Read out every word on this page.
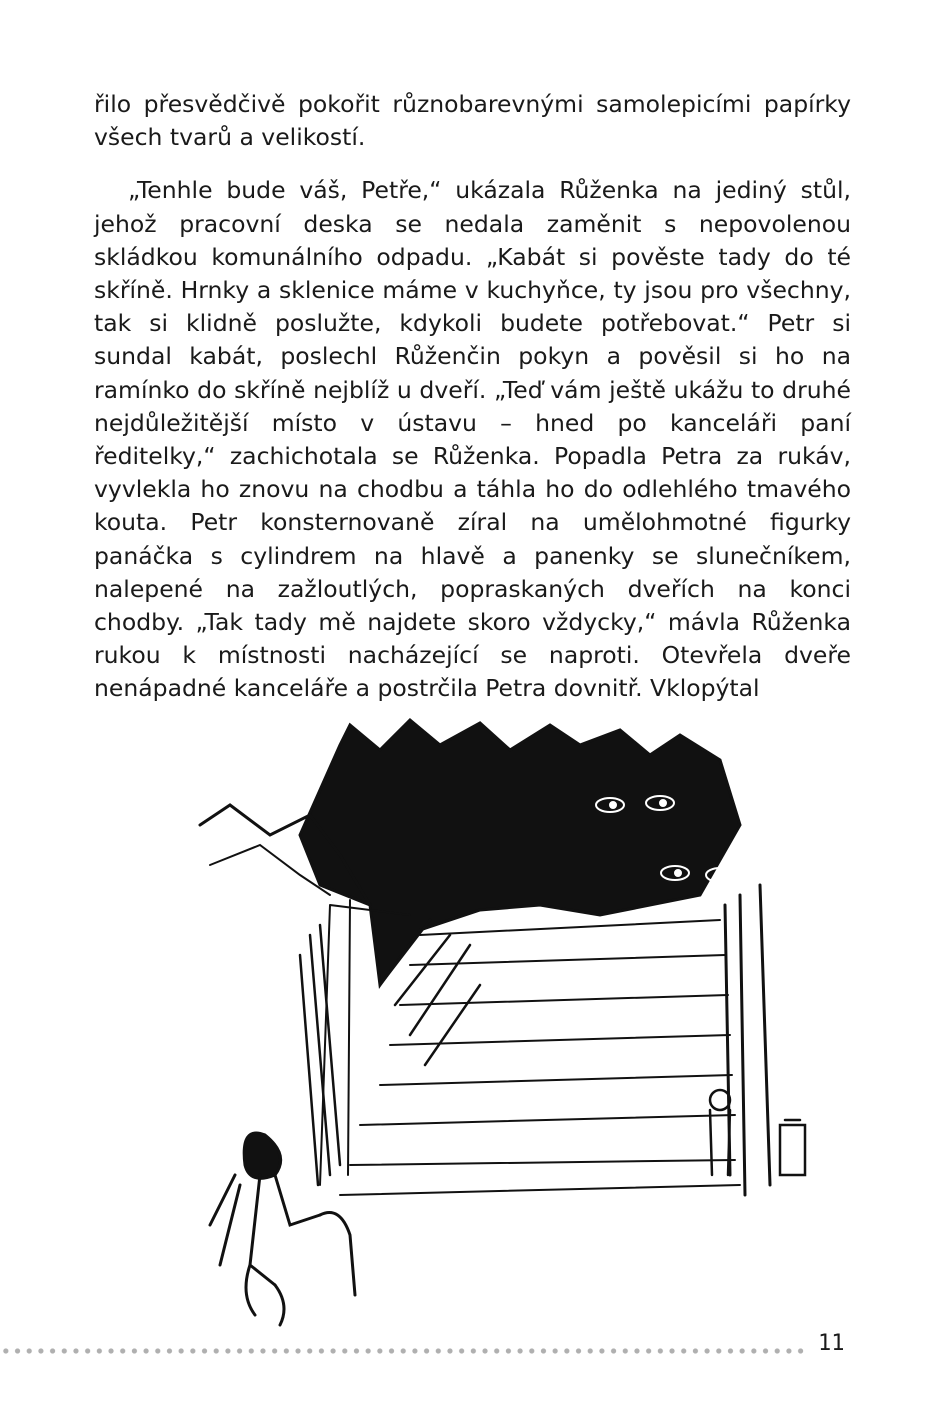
řilo přesvědčivě pokořit různobarevnými samolepicími papírky všech tvarů a velikostí.

„Tenhle bude váš, Petře,“ ukázala Růženka na jediný stůl, jehož pracovní deska se nedala zaměnit s nepovolenou skládkou komunálního odpadu. „Kabát si pověste tady do té skříně. Hrnky a sklenice máme v kuchyňce, ty jsou pro všechny, tak si klidně poslužte, kdykoli budete potřebovat.“ Petr si sundal kabát, poslechl Růženčin pokyn a pověsil si ho na ramínko do skříně nejblíž u dveří. „Teď vám ještě ukážu to druhé nejdůležitější místo v ústavu – hned po kanceláři paní ředitelky,“ zachichotala se Růženka. Popadla Petra za rukáv, vyvlekla ho znovu na chodbu a táhla ho do odlehlého tmavého kouta. Petr konsternovaně zíral na umělohmotné figurky panáčka s cylindrem na hlavě a panenky se slunečníkem, nalepené na zažloutlých, popraskaných dveřích na konci chodby. „Tak tady mě najdete skoro vždycky,“ mávla Růženka rukou k místnosti nacházející se naproti. Otevřela dveře nenápadné kanceláře a postrčila Petra dovnitř. Vklopýtal

11
